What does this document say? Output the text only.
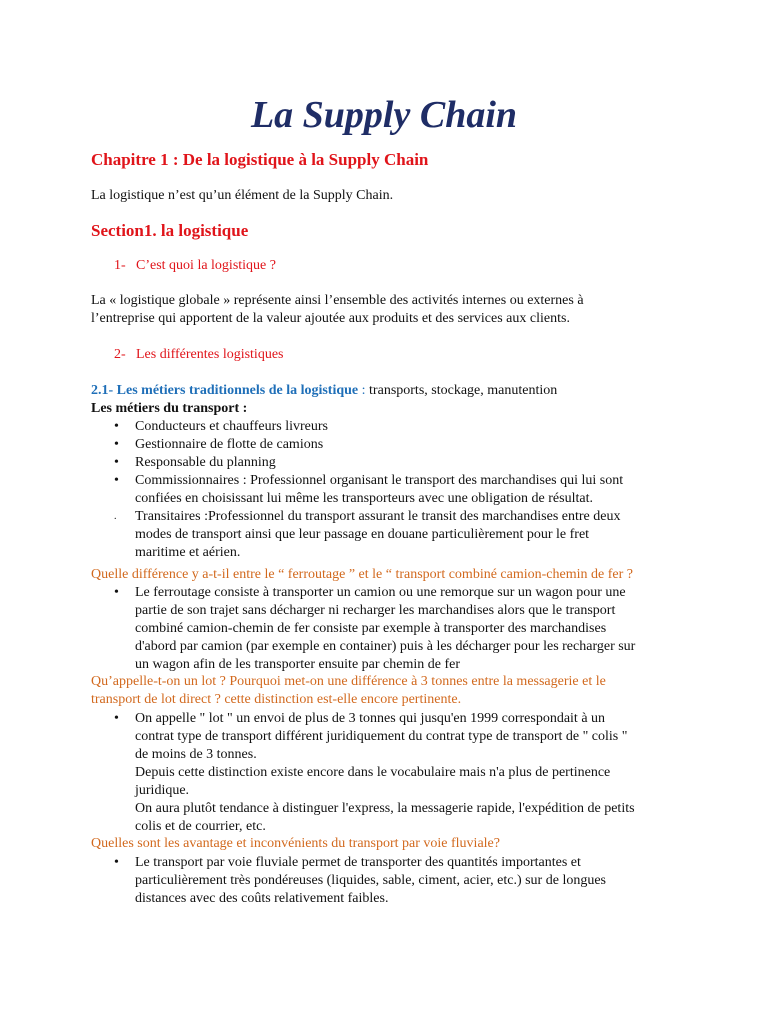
La Supply Chain
Chapitre 1 : De la logistique à la Supply Chain
La logistique n’est qu’un élément de la Supply Chain.
Section1. la logistique
1- C’est quoi la logistique ?
La « logistique globale » représente ainsi l’ensemble des activités internes ou externes à
l’entreprise qui apportent de la valeur ajoutée aux produits et des services aux clients.
2- Les différentes logistiques
2.1- Les métiers traditionnels de la logistique : transports, stockage, manutention
Les métiers du transport :
• Conducteurs et chauffeurs livreurs
• Gestionnaire de flotte de camions
• Responsable du planning
• Commissionnaires : Professionnel organisant le transport des marchandises qui lui sont
confiées en choisissant lui même les transporteurs avec une obligation de résultat.
. Transitaires :Professionnel du transport assurant le transit des marchandises entre deux
modes de transport ainsi que leur passage en douane particulièrement pour le fret
maritime et aérien.
Quelle différence y a-t-il entre le “ ferroutage ” et le “ transport combiné camion-chemin de fer ?
• Le ferroutage consiste à transporter un camion ou une remorque sur un wagon pour une
partie de son trajet sans décharger ni recharger les marchandises alors que le transport
combiné camion-chemin de fer consiste par exemple à transporter des marchandises
d'abord par camion (par exemple en container) puis à les décharger pour les recharger sur
un wagon afin de les transporter ensuite par chemin de fer
Qu’appelle-t-on un lot ? Pourquoi met-on une différence à 3 tonnes entre la messagerie et le
transport de lot direct ? cette distinction est-elle encore pertinente.
• On appelle " lot " un envoi de plus de 3 tonnes qui jusqu'en 1999 correspondait à un
contrat type de transport différent juridiquement du contrat type de transport de " colis "
de moins de 3 tonnes.
Depuis cette distinction existe encore dans le vocabulaire mais n'a plus de pertinence
juridique.
On aura plutôt tendance à distinguer l'express, la messagerie rapide, l'expédition de petits
colis et de courrier, etc.
Quelles sont les avantage et inconvénients du transport par voie fluviale?
• Le transport par voie fluviale permet de transporter des quantités importantes et
particulièrement très pondéreuses (liquides, sable, ciment, acier, etc.) sur de longues
distances avec des coûts relativement faibles.
